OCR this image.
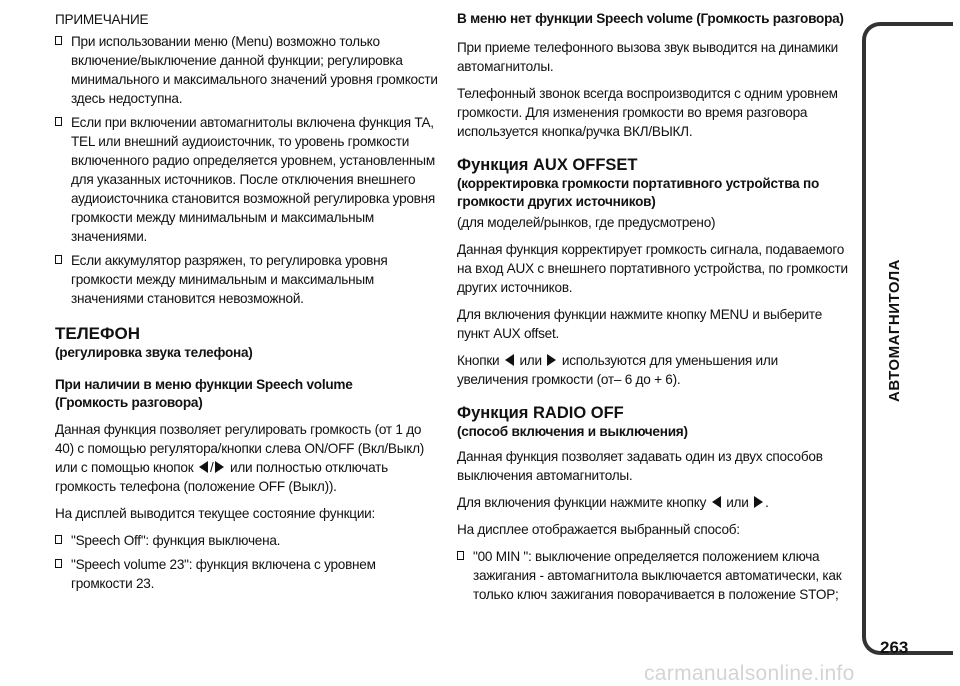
ПРИМЕЧАНИЕ

При использовании меню (Menu) возможно только включение/выключение данной функции; регулировка минимального и максимального значений уровня громкости здесь недоступна.

Если при включении автомагнитолы включена функция TA, TEL или внешний аудиоисточник, то уровень громкости включенного радио определяется уровнем, установленным для указанных источников. После отключения внешнего аудиоисточника становится возможной регулировка уровня громкости между минимальным и максимальным значениями.

Если аккумулятор разряжен, то регулировка уровня громкости между минимальным и максимальным значениями становится невозможной.

ТЕЛЕФОН
(регулировка звука телефона)
При наличии в меню функции Speech volume
(Громкость разговора)

Данная функция позволяет регулировать громкость (от 1 до 40) с помощью регулятора/кнопки слева ON/OFF (Вкл/Выкл) или с помощью кнопок / или полностью отключать громкость телефона (положение OFF (Выкл)).

На дисплей выводится текущее состояние функции:

"Speech Off": функция выключена.

"Speech volume 23": функция включена с уровнем громкости 23.

В меню нет функции Speech volume (Громкость разговора)

При приеме телефонного вызова звук выводится на динамики автомагнитолы.

Телефонный звонок всегда воспроизводится с одним уровнем громкости. Для изменения громкости во время разговора используется кнопка/ручка ВКЛ/ВЫКЛ.

Функция AUX OFFSET
(корректировка громкости портативного устройства по громкости других источников)

(для моделей/рынков, где предусмотрено)

Данная функция корректирует громкость сигнала, подаваемого на вход AUX с внешнего портативного устройства, по громкости других источников.

Для включения функции нажмите кнопку MENU и выберите пункт AUX offset.

Кнопки или используются для уменьшения или увеличения громкости (от– 6 до + 6).

Функция RADIO OFF
(способ включения и выключения)

Данная функция позволяет задавать один из двух способов выключения автомагнитолы.

Для включения функции нажмите кнопку или .

На дисплее отображается выбранный способ:

"00 MIN ": выключение определяется положением ключа зажигания - автомагнитола выключается автоматически, как только ключ зажигания поворачивается в положение STOP;

АВТОМАГНИТОЛА
263
carmanualsonline.info
